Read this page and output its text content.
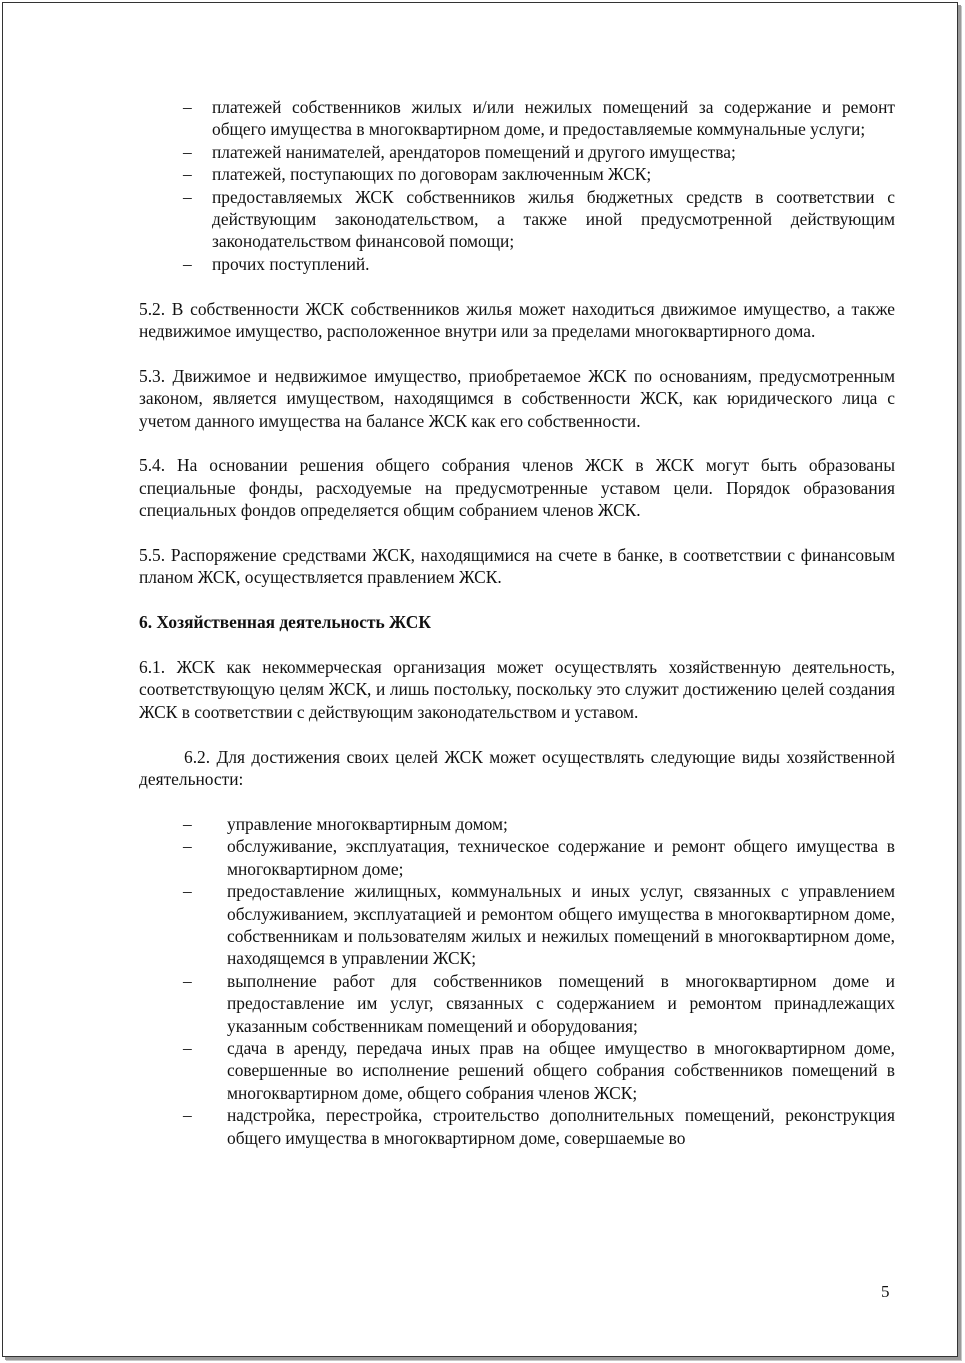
– платежей собственников жилых и/или нежилых помещений за содержание и ремонт общего имущества в многоквартирном доме, и предоставляемые коммунальные услуги;
– платежей нанимателей, арендаторов помещений и другого имущества;
– платежей, поступающих по договорам заключенным ЖСК;
– предоставляемых ЖСК собственников жилья бюджетных средств в соответствии с действующим законодательством, а также иной предусмотренной действующим законодательством финансовой помощи;
– прочих поступлений.

5.2. В собственности ЖСК собственников жилья может находиться движимое имущество, а также недвижимое имущество, расположенное внутри или за пределами многоквартирного дома.

5.3. Движимое и недвижимое имущество, приобретаемое ЖСК по основаниям, предусмотренным законом, является имуществом, находящимся в собственности ЖСК, как юридического лица с учетом данного имущества на балансе ЖСК как его собственности.

5.4. На основании решения общего собрания членов ЖСК в ЖСК могут быть образованы специальные фонды, расходуемые на предусмотренные уставом цели. Порядок образования специальных фондов определяется общим собранием членов ЖСК.

5.5. Распоряжение средствами ЖСК, находящимися на счете в банке, в соответствии с финансовым планом ЖСК, осуществляется правлением ЖСК.

6. Хозяйственная деятельность ЖСК

6.1. ЖСК как некоммерческая организация может осуществлять хозяйственную деятельность, соответствующую целям ЖСК, и лишь постольку, поскольку это служит достижению целей создания ЖСК в соответствии с действующим законодательством и уставом.

6.2. Для достижения своих целей ЖСК может осуществлять следующие виды хозяйственной деятельности:

– управление многоквартирным домом;
– обслуживание, эксплуатация, техническое содержание и ремонт общего имущества в многоквартирном доме;
– предоставление жилищных, коммунальных и иных услуг, связанных с управлением обслуживанием, эксплуатацией и ремонтом общего имущества в многоквартирном доме, собственникам и пользователям жилых и нежилых помещений в многоквартирном доме, находящемся в управлении ЖСК;
– выполнение работ для собственников помещений в многоквартирном доме и предоставление им услуг, связанных с содержанием и ремонтом принадлежащих указанным собственникам помещений и оборудования;
– сдача в аренду, передача иных прав на общее имущество в многоквартирном доме, совершенные во исполнение решений общего собрания собственников помещений в многоквартирном доме, общего собрания членов ЖСК;
– надстройка, перестройка, строительство дополнительных помещений, реконструкция общего имущества в многоквартирном доме, совершаемые во
5
